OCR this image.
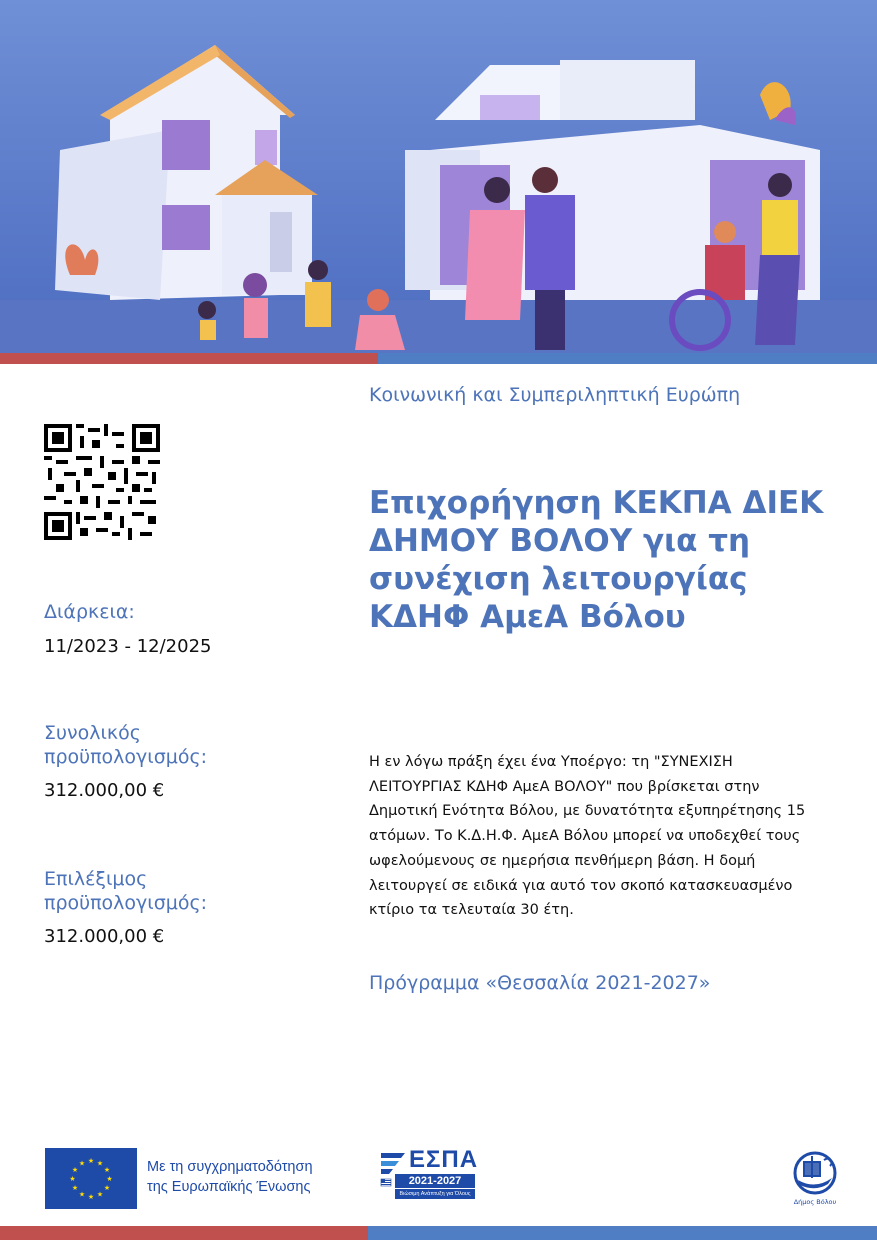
Διάρκεια:
11/2023 - 12/2025
Συνολικός προϋπολογισμός:
312.000,00 €
Επιλέξιμος προϋπολογισμός:
312.000,00 €
Κοινωνική και Συμπεριληπτική Ευρώπη
Επιχορήγηση ΚΕΚΠΑ ΔΙΕΚ ΔΗΜΟΥ ΒΟΛΟΥ για τη συνέχιση λειτουργίας ΚΔΗΦ ΑμεΑ Βόλου
Η εν λόγω πράξη έχει ένα Υποέργο: τη "ΣΥΝΕΧΙΣΗ ΛΕΙΤΟΥΡΓΙΑΣ ΚΔΗΦ ΑμεΑ ΒΟΛΟΥ" που βρίσκεται στην Δημοτική Ενότητα Βόλου, με δυνατότητα εξυπηρέτησης 15 ατόμων. Το Κ.Δ.Η.Φ. ΑμεΑ Βόλου μπορεί να υποδεχθεί τους ωφελούμενους σε ημερήσια πενθήμερη βάση. Η δομή λειτουργεί σε ειδικά για αυτό τον σκοπό κατασκευασμένο κτίριο τα τελευταία 30 έτη.
Πρόγραμμα «Θεσσαλία 2021-2027»
★ ★
★
★
★
★
★
★
★
★
★
★	Με τη συγχρηματοδότηση
της Ευρωπαϊκής Ένωσης
ΕΣΠΑ
2021-2027
Βιώσιμη Ανάπτυξη για Όλους
Δήμος Βόλου
